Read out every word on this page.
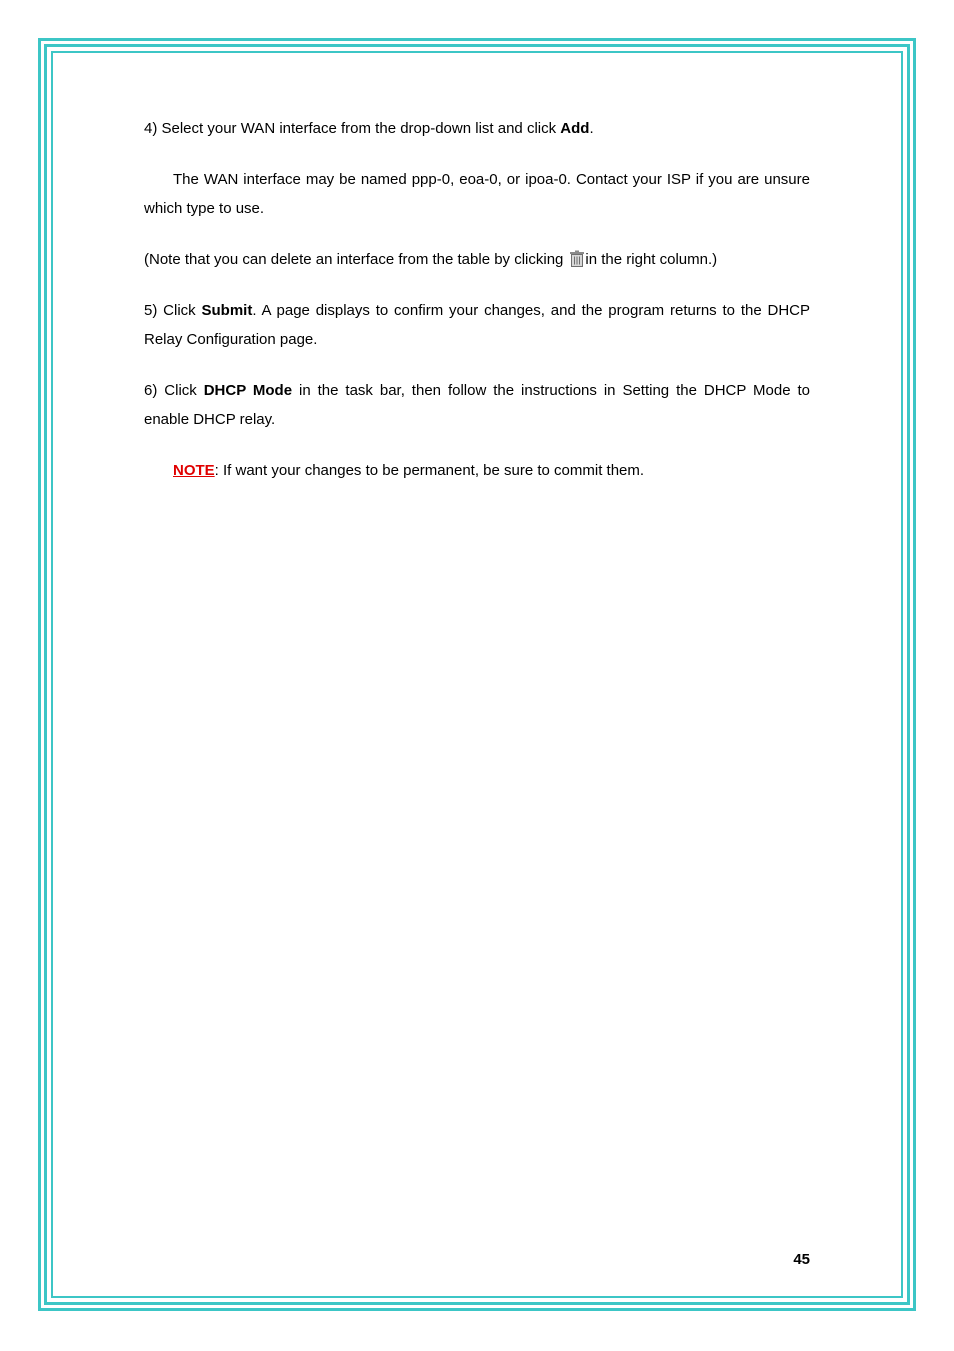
4) Select your WAN interface from the drop-down list and click Add.

The WAN interface may be named ppp-0, eoa-0, or ipoa-0. Contact your ISP if you are unsure which type to use.

(Note that you can delete an interface from the table by clicking in the right column.)

5) Click Submit. A page displays to confirm your changes, and the program returns to the DHCP Relay Configuration page.

6) Click DHCP Mode in the task bar, then follow the instructions in Setting the DHCP Mode to enable DHCP relay.

NOTE: If want your changes to be permanent, be sure to commit them.

45
